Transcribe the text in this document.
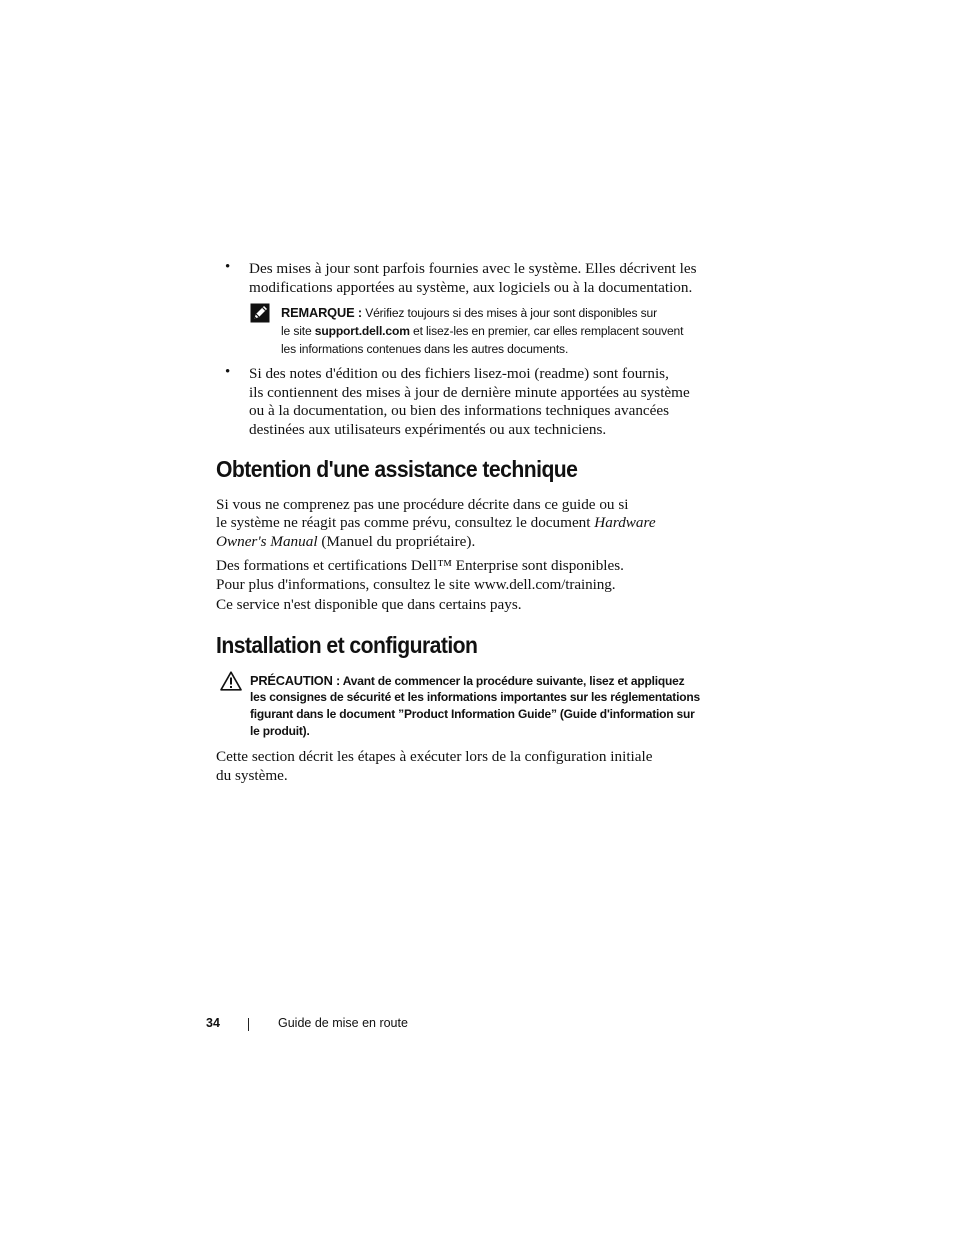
• Des mises à jour sont parfois fournies avec le système. Elles décrivent les
modifications apportées au système, aux logiciels ou à la documentation.
REMARQUE : Vérifiez toujours si des mises à jour sont disponibles sur
le site support.dell.com et lisez-les en premier, car elles remplacent souvent
les informations contenues dans les autres documents.
• Si des notes d'édition ou des fichiers lisez-moi (readme) sont fournis,
ils contiennent des mises à jour de dernière minute apportées au système
ou à la documentation, ou bien des informations techniques avancées
destinées aux utilisateurs expérimentés ou aux techniciens.
Obtention d'une assistance technique
Si vous ne comprenez pas une procédure décrite dans ce guide ou si
le système ne réagit pas comme prévu, consultez le document Hardware
Owner's Manual (Manuel du propriétaire).
Des formations et certifications Dell™ Enterprise sont disponibles.
Pour plus d'informations, consultez le site www.dell.com/training.
Ce service n'est disponible que dans certains pays.
Installation et configuration
PRÉCAUTION : Avant de commencer la procédure suivante, lisez et appliquez
les consignes de sécurité et les informations importantes sur les réglementations
figurant dans le document ”Product Information Guide” (Guide d'information sur
le produit).
Cette section décrit les étapes à exécuter lors de la configuration initiale
du système.
34	Guide de mise en route
